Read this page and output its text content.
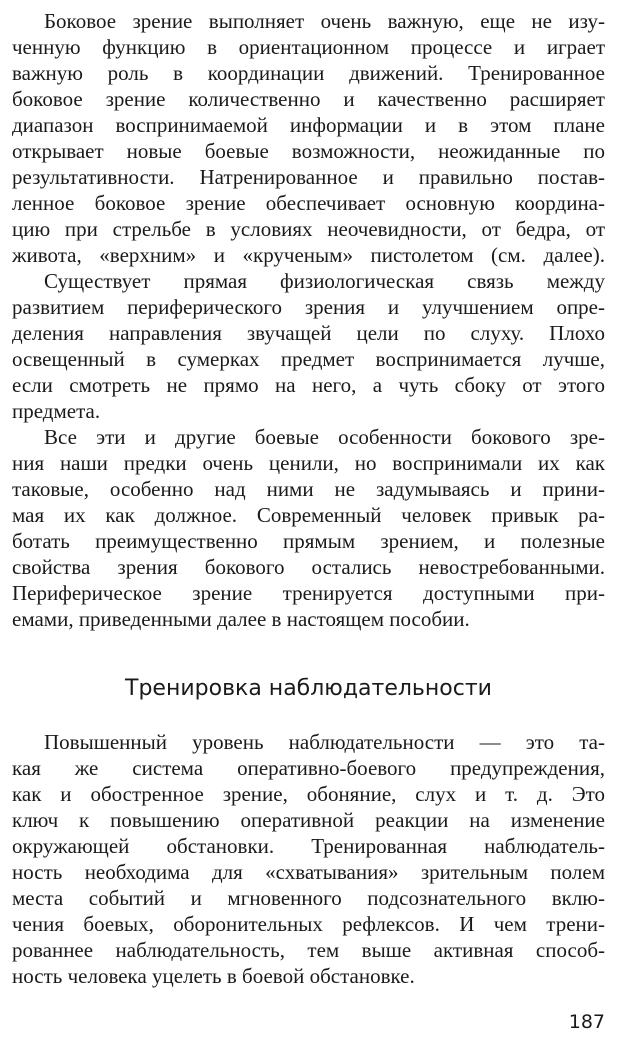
Боковое зрение выполняет очень важную, еще не изу-
ченную функцию в ориентационном процессе и играет
важную роль в координации движений. Тренированное
боковое зрение количественно и качественно расширяет
диапазон воспринимаемой информации и в этом плане
открывает новые боевые возможности, неожиданные по
результативности. Натренированное и правильно постав-
ленное боковое зрение обеспечивает основную координа-
цию при стрельбе в условиях неочевидности, от бедра, от
живота, «верхним» и «крученым» пистолетом (см. далее).
Существует прямая физиологическая связь между
развитием периферического зрения и улучшением опре-
деления направления звучащей цели по слуху. Плохо
освещенный в сумерках предмет воспринимается лучше,
если смотреть не прямо на него, а чуть сбоку от этого
предмета.
Все эти и другие боевые особенности бокового зре-
ния наши предки очень ценили, но воспринимали их как
таковые, особенно над ними не задумываясь и прини-
мая их как должное. Современный человек привык ра-
ботать преимущественно прямым зрением, и полезные
свойства зрения бокового остались невостребованными.
Периферическое зрение тренируется доступными при-
емами, приведенными далее в настоящем пособии.
Тренировка наблюдательности
Повышенный уровень наблюдательности — это та-
кая же система оперативно-боевого предупреждения,
как и обостренное зрение, обоняние, слух и т. д. Это
ключ к повышению оперативной реакции на изменение
окружающей обстановки. Тренированная наблюдатель-
ность необходима для «схватывания» зрительным полем
места событий и мгновенного подсознательного вклю-
чения боевых, оборонительных рефлексов. И чем трени-
рованнее наблюдательность, тем выше активная способ-
ность человека уцелеть в боевой обстановке.
187
